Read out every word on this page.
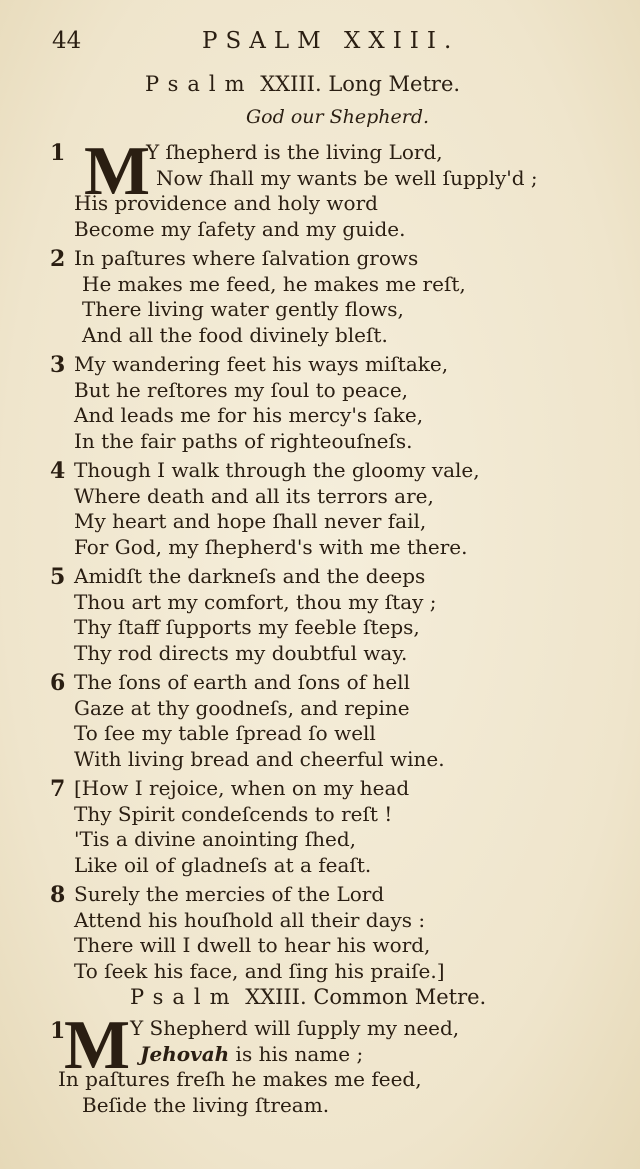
44	PSALM XXIII.
Psalm XXIII. Long Metre.
God our Shepherd.
1 M
Y ſhepherd is the living Lord,
Now ſhall my wants be well ſupply'd ;
His providence and holy word
Become my ſafety and my guide.
2 In paſtures where ſalvation grows
He makes me feed, he makes me reſt,
There living water gently flows,
And all the food divinely bleſt.
3 My wandering feet his ways miſtake,
But he reſtores my ſoul to peace,
And leads me for his mercy's ſake,
In the fair paths of righteouſneſs.
4 Though I walk through the gloomy vale,
Where death and all its terrors are,
My heart and hope ſhall never fail,
For God, my ſhepherd's with me there.
5 Amidſt the darkneſs and the deeps
Thou art my comfort, thou my ſtay ;
Thy ſtaff ſupports my feeble ſteps,
Thy rod directs my doubtful way.
6 The ſons of earth and ſons of hell
Gaze at thy goodneſs, and repine
To ſee my table ſpread ſo well
With living bread and cheerful wine.
7 [How I rejoice, when on my head
Thy Spirit condeſcends to reſt !
'Tis a divine anointing ſhed,
Like oil of gladneſs at a feaſt.
8 Surely the mercies of the Lord
Attend his houſhold all their days :
There will I dwell to hear his word,
To ſeek his face, and ſing his praiſe.]
Psalm XXIII. Common Metre.
1
M Y Shepherd will ſupply my need,
Jehovah is his name ;
In paſtures freſh he makes me feed,
Beſide the living ſtream.
